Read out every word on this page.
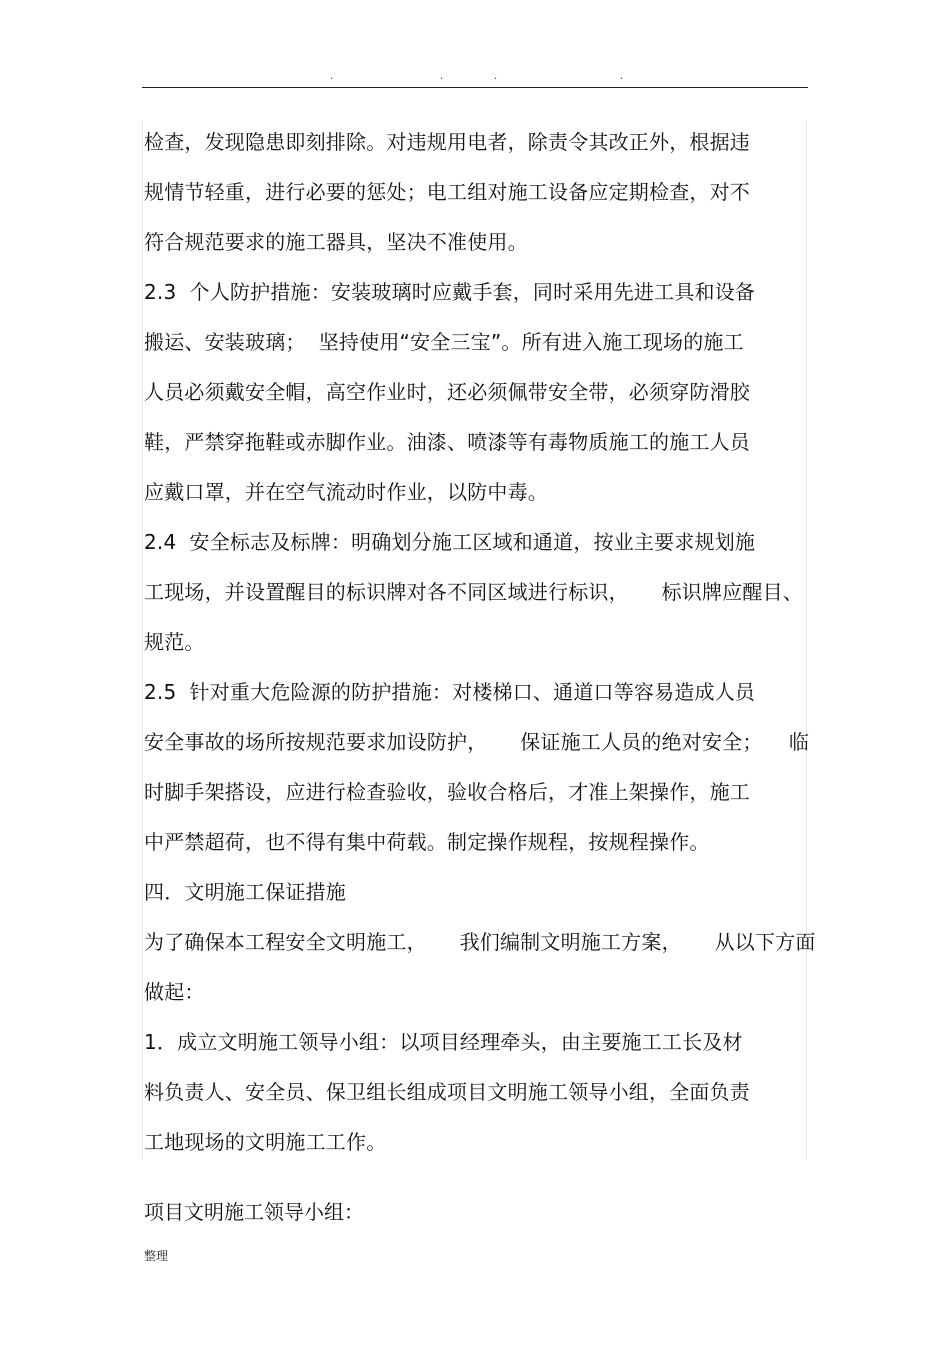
.	.	.	.
检查，发现隐患即刻排除。对违规用电者，除责令其改正外，根据违
规情节轻重，进行必要的惩处；电工组对施工设备应定期检查，对不
符合规范要求的施工器具，坚决不准使用。
2.3  个人防护措施：安装玻璃时应戴手套，同时采用先进工具和设备
搬运、安装玻璃；  坚持使用“安全三宝”。所有进入施工现场的施工
人员必须戴安全帽，高空作业时，还必须佩带安全带，必须穿防滑胶
鞋，严禁穿拖鞋或赤脚作业。油漆、喷漆等有毒物质施工的施工人员
应戴口罩，并在空气流动时作业，以防中毒。
2.4  安全标志及标牌：明确划分施工区域和通道，按业主要求规划施
工现场，并设置醒目的标识牌对各不同区域进行标识，     标识牌应醒目、
规范。
2.5  针对重大危险源的防护措施：对楼梯口、通道口等容易造成人员
安全事故的场所按规范要求加设防护，     保证施工人员的绝对安全；    临
时脚手架搭设，应进行检查验收，验收合格后，才准上架操作，施工
中严禁超荷，也不得有集中荷载。制定操作规程，按规程操作。
四．文明施工保证措施
为了确保本工程安全文明施工，     我们编制文明施工方案，     从以下方面
做起：
1．成立文明施工领导小组：以项目经理牵头，由主要施工工长及材
料负责人、安全员、保卫组长组成项目文明施工领导小组，全面负责
工地现场的文明施工工作。
项目文明施工领导小组：
整理
